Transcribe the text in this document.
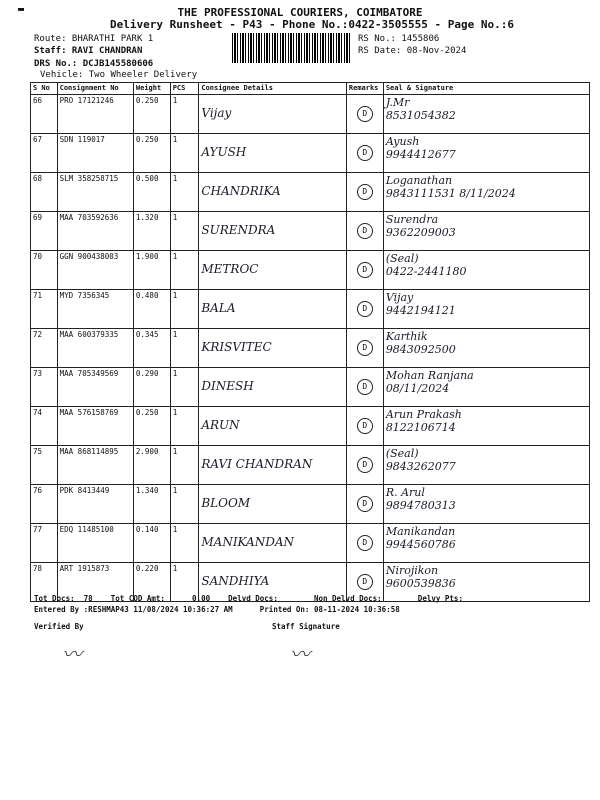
▬	THE PROFESSIONAL COURIERS, COIMBATORE
Delivery Runsheet - P43 - Phone No.:0422-3505555 - Page No.:6
Route: BHARATHI PARK 1
Staff: RAVI CHANDRAN
DRS No.: DCJB145580606
Vehicle: Two Wheeler Delivery
RS No.: 1455806
RS Date: 08-Nov-2024
S No	Consignment No	Weight	PCS	Consignee Details	Remarks	Seal & Signature
66	PRO 17121246	0.250	1	Vijay	D	J.Mr
8531054382

67	SDN 119017	0.250	1	AYUSH	D	Ayush
9944412677

68	SLM 358258715	0.500	1	CHANDRIKA	D	Loganathan
9843111531 8/11/2024

69	MAA 703592636	1.320	1	SURENDRA	D	Surendra
9362209003

70	GGN 900438003	1.900	1	METROC	D	(Seal)
0422-2441180

71	MYD 7356345	0.480	1	BALA	D	Vijay
9442194121

72	MAA 600379335	0.345	1	KRISVITEC	D	Karthik
9843092500

73	MAA 705349569	0.290	1	DINESH	D	Mohan Ranjana
08/11/2024

74	MAA 576158769	0.250	1	ARUN	D	Arun Prakash
8122106714

75	MAA 868114895	2.900	1	RAVI CHANDRAN	D	(Seal)
9843262077

76	PDK 8413449	1.340	1	BLOOM	D	R. Arul
9894780313

77	EDQ 11485100	0.140	1	MANIKANDAN	D	Manikandan
9944560786

78	ART 1915873	0.220	1	SANDHIYA	D	Nirojikon
9600539836
Tot Docs:  78    Tot COD Amt:      0.00    Delvd Docs:        Non Delvd Docs:        Delvy Pts:
Entered By :RESHMAP43 11/08/2024 10:36:27 AM      Printed On: 08-11-2024 10:36:58
Verified By	Staff Signature
〰	〰
